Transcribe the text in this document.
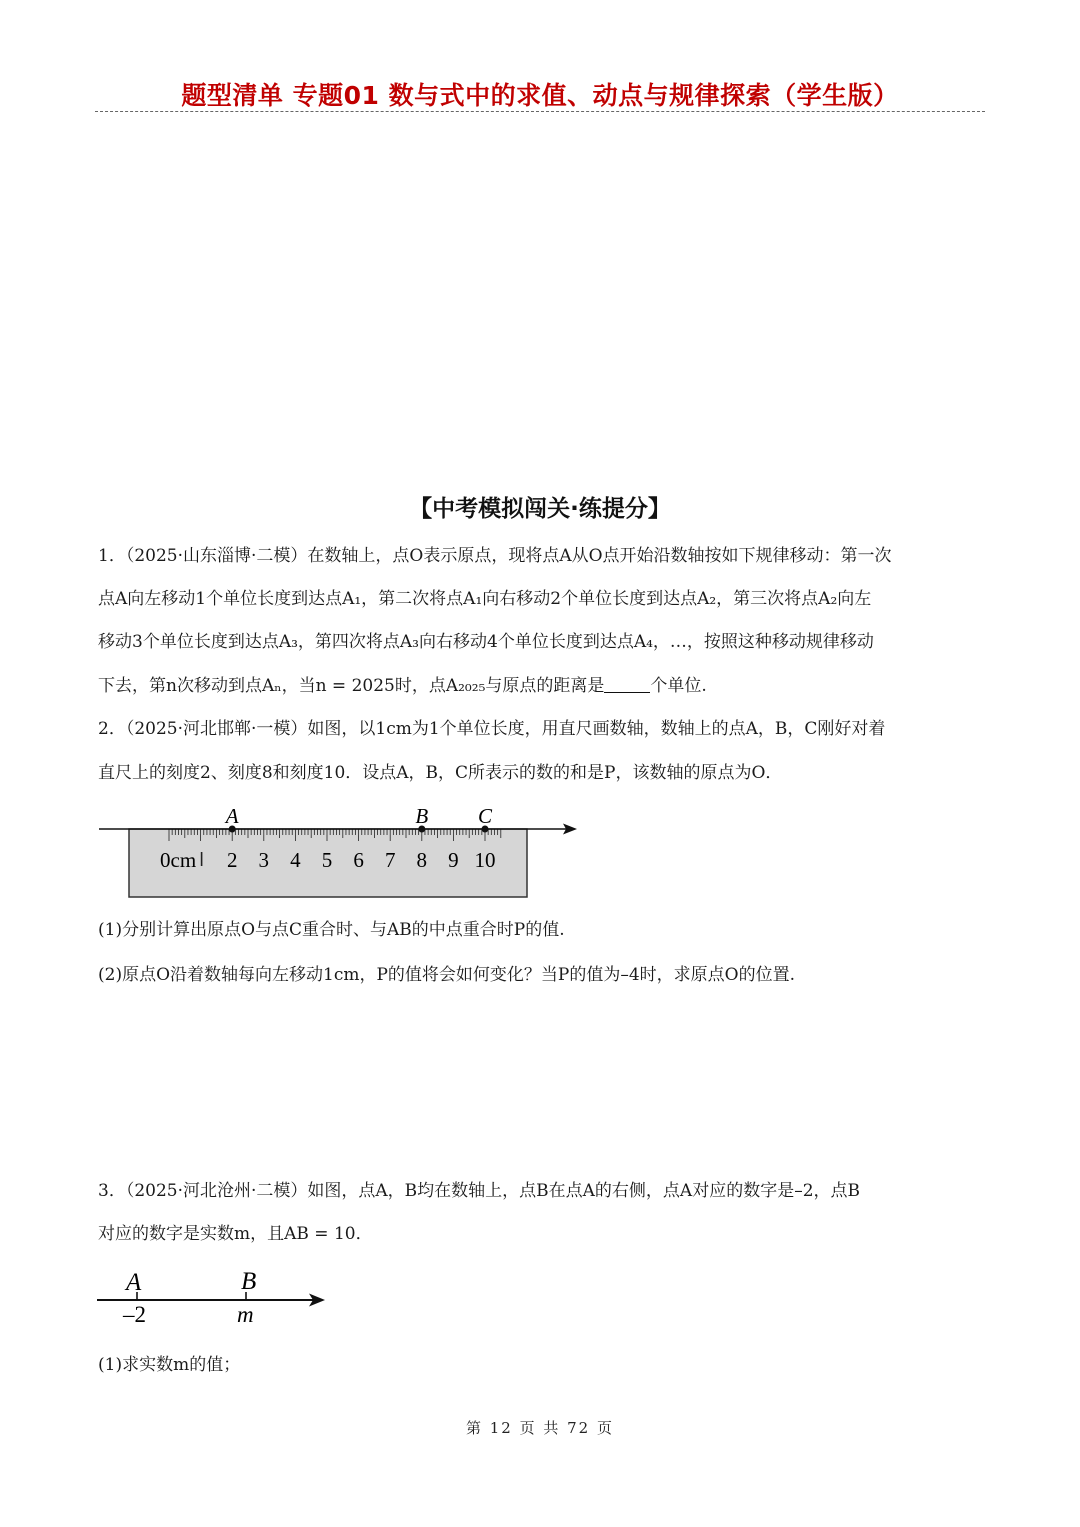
题型清单 专题01 数与式中的求值、动点与规律探索（学生版）
【中考模拟闯关·练提分】
1．（2025·山东淄博·二模）在数轴上，点O表示原点，现将点A从O点开始沿数轴按如下规律移动：第一次
点A向左移动1个单位长度到达点A₁，第二次将点A₁向右移动2个单位长度到达点A₂，第三次将点A₂向左
移动3个单位长度到达点A₃，第四次将点A₃向右移动4个单位长度到达点A₄，…，按照这种移动规律移动
下去，第n次移动到点Aₙ，当n = 2025时，点A₂₀₂₅与原点的距离是	个单位.
2．（2025·河北邯郸·一模）如图，以1cm为1个单位长度，用直尺画数轴，数轴上的点A，B，C刚好对着
直尺上的刻度2、刻度8和刻度10．设点A，B，C所表示的数的和是P，该数轴的原点为O．
0cm 2 3 4 5 6 7 8 9 10
A	B C
(1)分别计算出原点O与点C重合时、与AB的中点重合时P的值.
(2)原点O沿着数轴每向左移动1cm，P的值将会如何变化？当P的值为–4时，求原点O的位置.
3．（2025·河北沧州·二模）如图，点A，B均在数轴上，点B在点A的右侧，点A对应的数字是–2，点B
对应的数字是实数m，且AB = 10．
A	B
–2	m
(1)求实数m的值；
第 12 页 共 72 页
